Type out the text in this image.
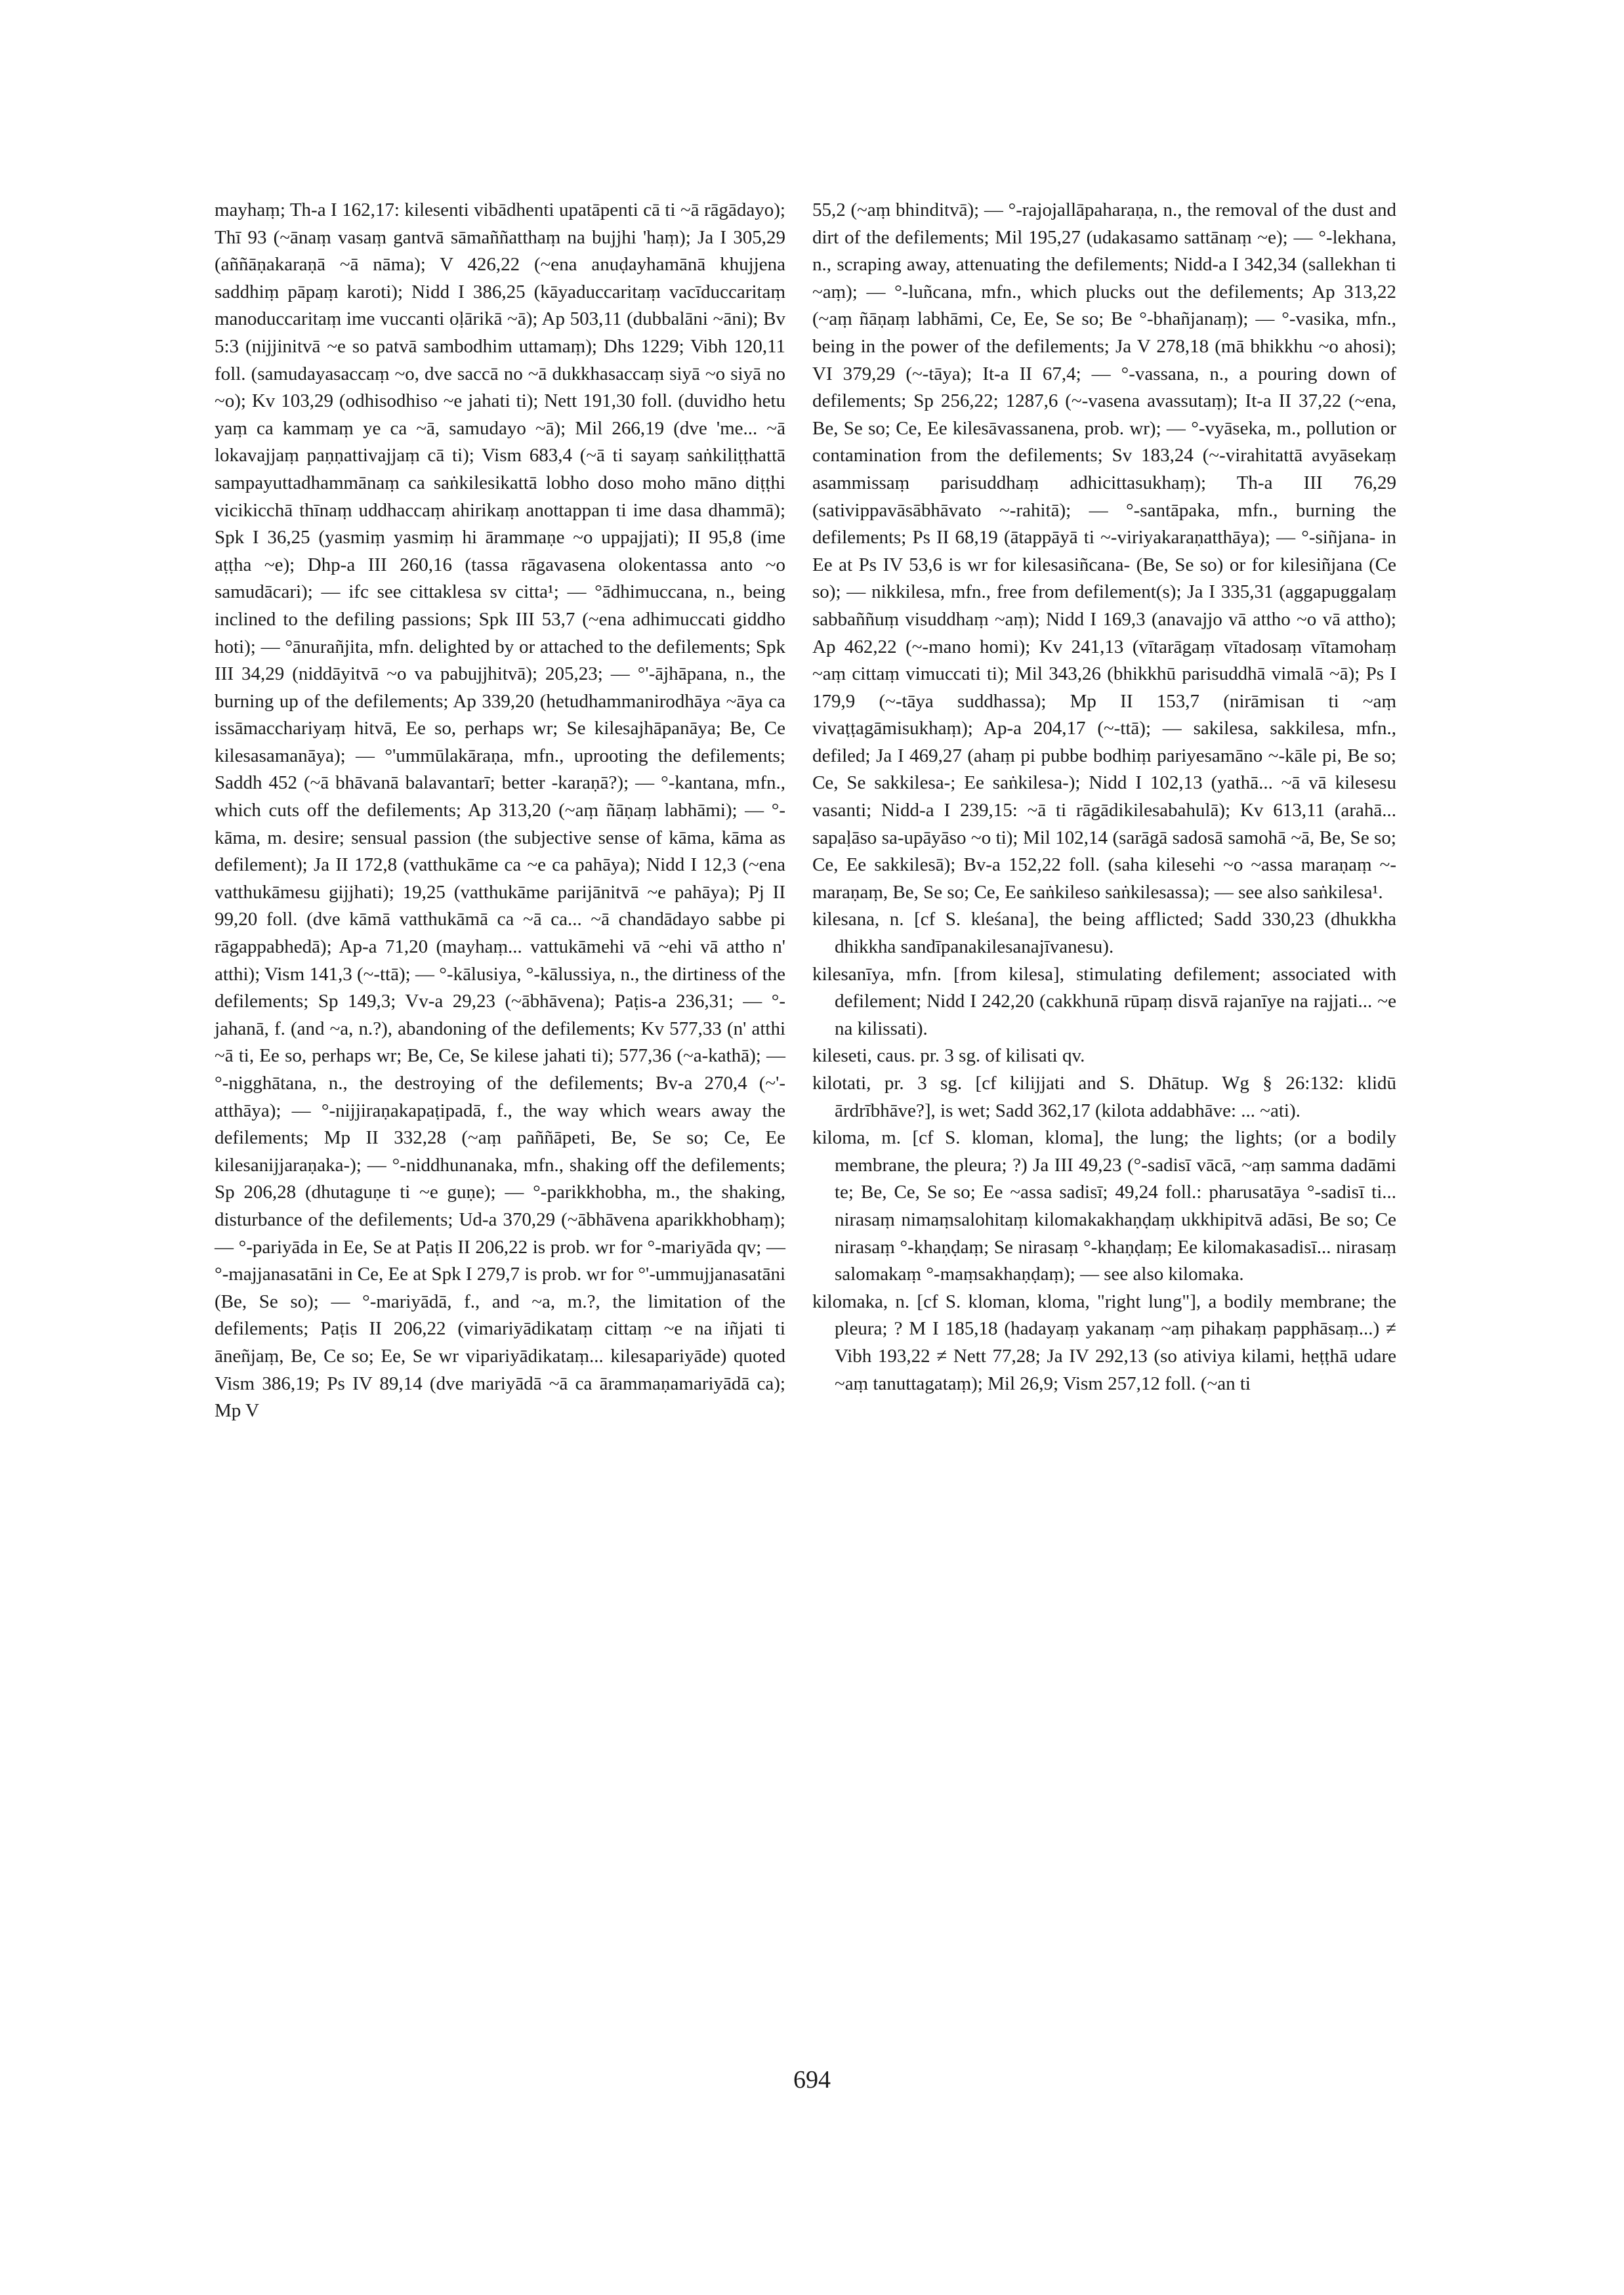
mayhaṃ; Th-a I 162,17: kilesenti vibādhenti upatāpenti cā ti ~ā rāgādayo); Thī 93 (~ānaṃ vasaṃ gantvā sāmaññatthaṃ na bujjhi 'haṃ); Ja I 305,29 (aññāṇakaraṇā ~ā nāma); V 426,22 (~ena anuḍayhamānā khujjena saddhiṃ pāpaṃ karoti); Nidd I 386,25 (kāyaduccaritaṃ vacīduccaritaṃ manoduccaritaṃ ime vuccanti oḷārikā ~ā); Ap 503,11 (dubbalāni ~āni); Bv 5:3 (nijjinitvā ~e so patvā sambodhim uttamaṃ); Dhs 1229; Vibh 120,11 foll. (samudayasaccaṃ ~o, dve saccā no ~ā dukkhasaccaṃ siyā ~o siyā no ~o); Kv 103,29 (odhisodhiso ~e jahati ti); Nett 191,30 foll. (duvidho hetu yaṃ ca kammaṃ ye ca ~ā, samudayo ~ā); Mil 266,19 (dve 'me... ~ā lokavajjaṃ paṇṇattivajjaṃ cā ti); Vism 683,4 (~ā ti sayaṃ saṅkiliṭṭhattā sampayuttadhammānaṃ ca saṅkilesikattā lobho doso moho māno diṭṭhi vicikicchā thīnaṃ uddhaccaṃ ahirikaṃ anottappan ti ime dasa dhammā); Spk I 36,25 (yasmiṃ yasmiṃ hi ārammaṇe ~o uppajjati); II 95,8 (ime aṭṭha ~e); Dhp-a III 260,16 (tassa rāgavasena olokentassa anto ~o samudācari); — ifc see cittaklesa sv citta¹; — °ādhimuccana, n., being inclined to the defiling passions; Spk III 53,7 (~ena adhimuccati giddho hoti); — °ānurañjita, mfn. delighted by or attached to the defilements; Spk III 34,29 (niddāyitvā ~o va pabujjhitvā); 205,23; — °'-ājhāpana, n., the burning up of the defilements; Ap 339,20 (hetudhammanirodhāya ~āya ca issāmacchariyaṃ hitvā, Ee so, perhaps wr; Se kilesajhāpanāya; Be, Ce kilesasamanāya); — °'ummūlakāraṇa, mfn., uprooting the defilements; Saddh 452 (~ā bhāvanā balavantarī; better -karaṇā?); — °-kantana, mfn., which cuts off the defilements; Ap 313,20 (~aṃ ñāṇaṃ labhāmi); — °-kāma, m. desire; sensual passion (the subjective sense of kāma, kāma as defilement); Ja II 172,8 (vatthukāme ca ~e ca pahāya); Nidd I 12,3 (~ena vatthukāmesu gijjhati); 19,25 (vatthukāme parijānitvā ~e pahāya); Pj II 99,20 foll. (dve kāmā vatthukāmā ca ~ā ca... ~ā chandādayo sabbe pi rāgappabhedā); Ap-a 71,20 (mayhaṃ... vattukāmehi vā ~ehi vā attho n' atthi); Vism 141,3 (~-ttā); — °-kālusiya, °-kālussiya, n., the dirtiness of the defilements; Sp 149,3; Vv-a 29,23 (~ābhāvena); Paṭis-a 236,31; — °-jahanā, f. (and ~a, n.?), abandoning of the defilements; Kv 577,33 (n' atthi ~ā ti, Ee so, perhaps wr; Be, Ce, Se kilese jahati ti); 577,36 (~a-kathā); — °-nigghātana, n., the destroying of the defilements; Bv-a 270,4 (~'-atthāya); — °-nijjiraṇakapaṭipadā, f., the way which wears away the defilements; Mp II 332,28 (~aṃ paññāpeti, Be, Se so; Ce, Ee kilesanijjaraṇaka-); — °-niddhunanaka, mfn., shaking off the defilements; Sp 206,28 (dhutaguṇe ti ~e guṇe); — °-parikkhobha, m., the shaking, disturbance of the defilements; Ud-a 370,29 (~ābhāvena aparikkhobhaṃ); — °-pariyāda in Ee, Se at Paṭis II 206,22 is prob. wr for °-mariyāda qv; — °-majjanasatāni in Ce, Ee at Spk I 279,7 is prob. wr for °'-ummujjanasatāni (Be, Se so); — °-mariyādā, f., and ~a, m.?, the limitation of the defilements; Paṭis II 206,22 (vimariyādikataṃ cittaṃ ~e na iñjati ti āneñjaṃ, Be, Ce so; Ee, Se wr vipariyādikataṃ... kilesapariyāde) quoted Vism 386,19; Ps IV 89,14 (dve mariyādā ~ā ca ārammaṇamariyādā ca); Mp V

55,2 (~aṃ bhinditvā); — °-rajojallāpaharaṇa, n., the removal of the dust and dirt of the defilements; Mil 195,27 (udakasamo sattānaṃ ~e); — °-lekhana, n., scraping away, attenuating the defilements; Nidd-a I 342,34 (sallekhan ti ~aṃ); — °-luñcana, mfn., which plucks out the defilements; Ap 313,22 (~aṃ ñāṇaṃ labhāmi, Ce, Ee, Se so; Be °-bhañjanaṃ); — °-vasika, mfn., being in the power of the defilements; Ja V 278,18 (mā bhikkhu ~o ahosi); VI 379,29 (~-tāya); It-a II 67,4; — °-vassana, n., a pouring down of defilements; Sp 256,22; 1287,6 (~-vasena avassutaṃ); It-a II 37,22 (~ena, Be, Se so; Ce, Ee kilesāvassanena, prob. wr); — °-vyāseka, m., pollution or contamination from the defilements; Sv 183,24 (~-virahitattā avyāsekaṃ asammissaṃ parisuddhaṃ adhicittasukhaṃ); Th-a III 76,29 (sativippavāsābhāvato ~-rahitā); — °-santāpaka, mfn., burning the defilements; Ps II 68,19 (ātappāyā ti ~-viriyakaraṇatthāya); — °-siñjana- in Ee at Ps IV 53,6 is wr for kilesasiñcana- (Be, Se so) or for kilesiñjana (Ce so); — nikkilesa, mfn., free from defilement(s); Ja I 335,31 (aggapuggalaṃ sabbaññuṃ visuddhaṃ ~aṃ); Nidd I 169,3 (anavajjo vā attho ~o vā attho); Ap 462,22 (~-mano homi); Kv 241,13 (vītarāgaṃ vītadosaṃ vītamohaṃ ~aṃ cittaṃ vimuccati ti); Mil 343,26 (bhikkhū parisuddhā vimalā ~ā); Ps I 179,9 (~-tāya suddhassa); Mp II 153,7 (nirāmisan ti ~aṃ vivaṭṭagāmisukhaṃ); Ap-a 204,17 (~-ttā); — sakilesa, sakkilesa, mfn., defiled; Ja I 469,27 (ahaṃ pi pubbe bodhiṃ pariyesamāno ~-kāle pi, Be so; Ce, Se sakkilesa-; Ee saṅkilesa-); Nidd I 102,13 (yathā... ~ā vā kilesesu vasanti; Nidd-a I 239,15: ~ā ti rāgādikilesabahulā); Kv 613,11 (arahā... sapaḷāso sa-upāyāso ~o ti); Mil 102,14 (sarāgā sadosā samohā ~ā, Be, Se so; Ce, Ee sakkilesā); Bv-a 152,22 foll. (saha kilesehi ~o ~assa maraṇaṃ ~-maraṇaṃ, Be, Se so; Ce, Ee saṅkileso saṅkilesassa); — see also saṅkilesa¹.

kilesana, n. [cf S. kleśana], the being afflicted; Sadd 330,23 (dhukkha dhikkha sandīpanakilesanajīvanesu).

kilesanīya, mfn. [from kilesa], stimulating defilement; associated with defilement; Nidd I 242,20 (cakkhunā rūpaṃ disvā rajanīye na rajjati... ~e na kilissati).

kileseti, caus. pr. 3 sg. of kilisati qv.

kilotati, pr. 3 sg. [cf kilijjati and S. Dhātup. Wg § 26:132: klidū ārdrībhāve?], is wet; Sadd 362,17 (kilota addabhāve: ... ~ati).

kiloma, m. [cf S. kloman, kloma], the lung; the lights; (or a bodily membrane, the pleura; ?) Ja III 49,23 (°-sadisī vācā, ~aṃ samma dadāmi te; Be, Ce, Se so; Ee ~assa sadisī; 49,24 foll.: pharusatāya °-sadisī ti... nirasaṃ nimaṃsalohitaṃ kilomakakhaṇḍaṃ ukkhipitvā adāsi, Be so; Ce nirasaṃ °-khaṇḍaṃ; Se nirasaṃ °-khaṇḍaṃ; Ee kilomakasadisī... nirasaṃ salomakaṃ °-maṃsakhaṇḍaṃ); — see also kilomaka.

kilomaka, n. [cf S. kloman, kloma, "right lung"], a bodily membrane; the pleura; ? M I 185,18 (hadayaṃ yakanaṃ ~aṃ pihakaṃ papphāsaṃ...) ≠ Vibh 193,22 ≠ Nett 77,28; Ja IV 292,13 (so ativiya kilami, heṭṭhā udare ~aṃ tanuttagataṃ); Mil 26,9; Vism 257,12 foll. (~an ti

694
